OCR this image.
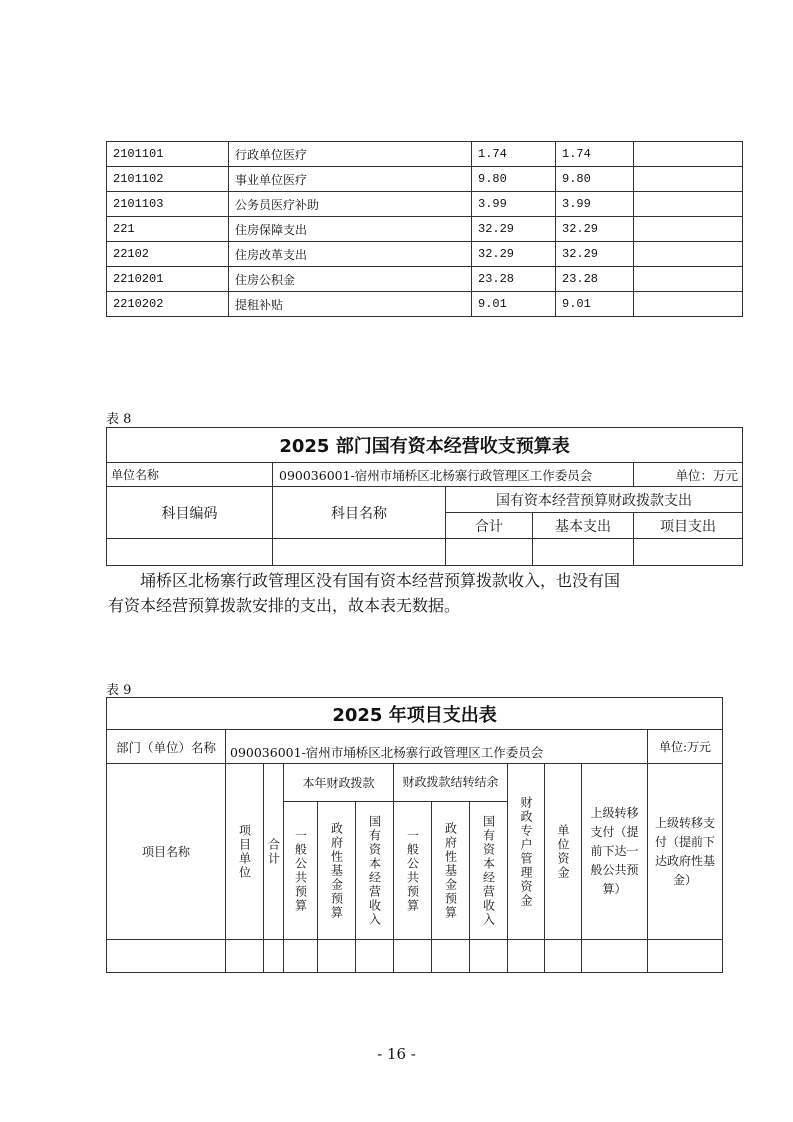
2101101	行政单位医疗	1.74	1.74	
2101102	事业单位医疗	9.80	9.80	
2101103	公务员医疗补助	3.99	3.99	
221	住房保障支出	32.29	32.29	
22102	住房改革支出	32.29	32.29	
2210201	住房公积金	23.28	23.28	
2210202	提租补贴	9.01	9.01	
表 8
2025 部门国有资本经营收支预算表				
单位名称	090036001-宿州市埇桥区北杨寨行政管理区工作委员会			单位：万元
科目编码	科目名称	国有资本经营预算财政拨款支出		
		合计	基本支出	项目支出

埇桥区北杨寨行政管理区没有国有资本经营预算拨款收入，也没有国
有资本经营预算拨款安排的支出，故本表无数据。
表 9
2025 年项目支出表												
部门（单位）名称	090036001-宿州市埇桥区北杨寨行政管理区工作委员会											单位:万元
项目名称	项目单位	合计	本年财政拨款			财政拨款结转结余			财政专户管理资金	单位资金	上级转移支付（提前下达一般公共预算）	上级转移支付（提前下达政府性基金）

			一般公共预算	政府性基金预算	国有资本经营收入	一般公共预算	政府性基金预算	国有资本经营收入				

- 16 -
